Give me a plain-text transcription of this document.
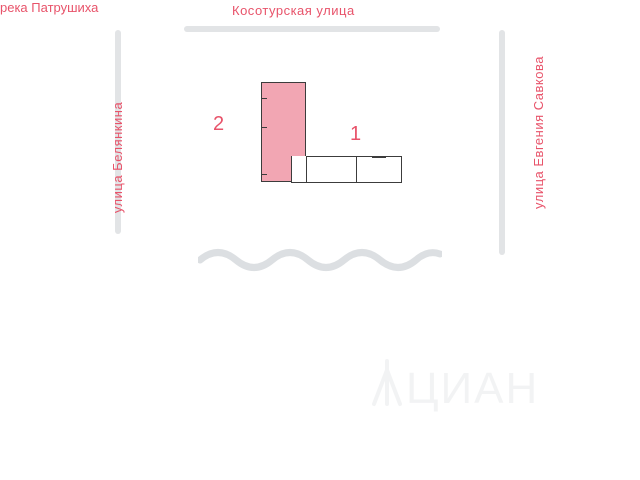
Косотурская улица
улица Белянкина	улица Евгения Савкова
2	1
река Патрушиха
ЦИАН
